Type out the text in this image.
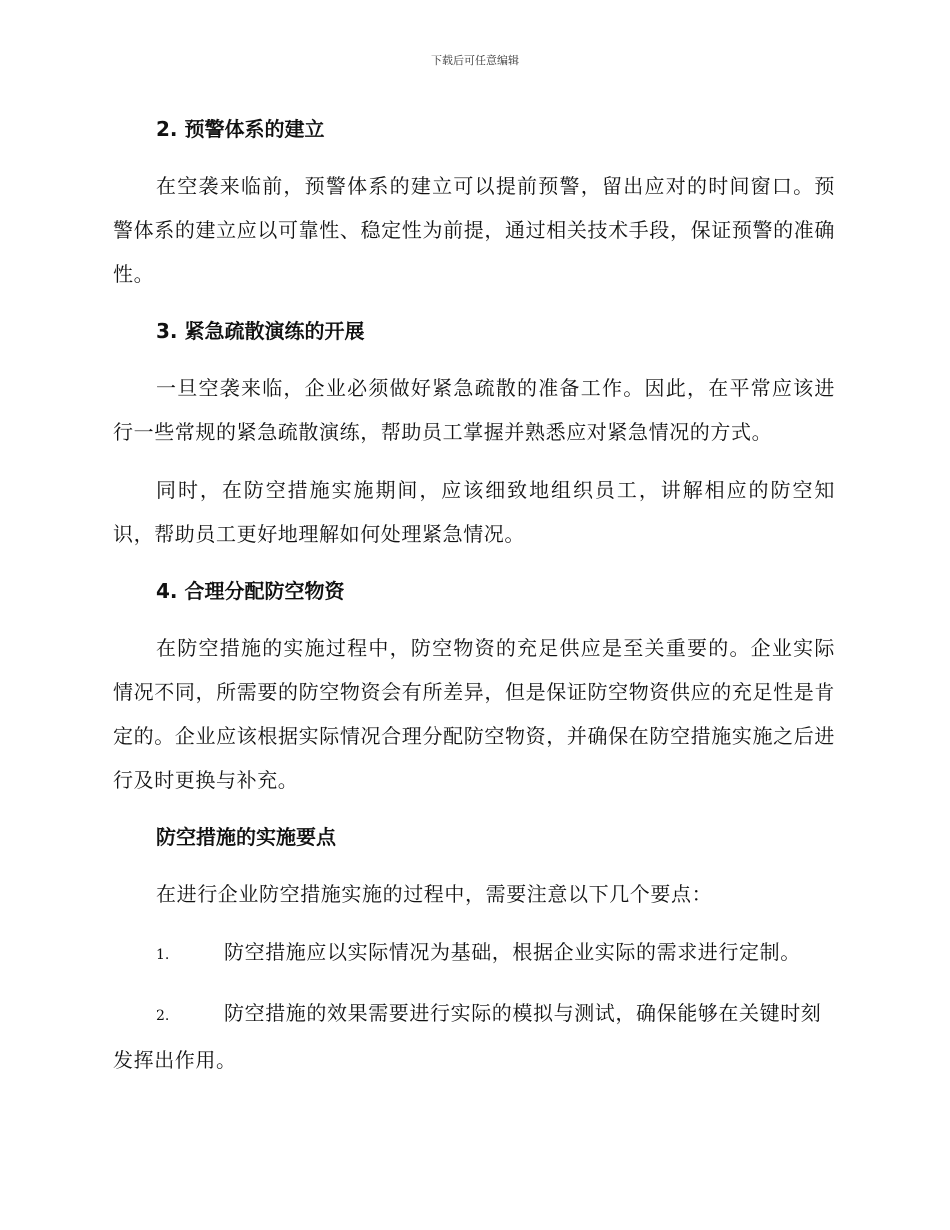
下载后可任意编辑
2. 预警体系的建立

在空袭来临前，预警体系的建立可以提前预警，留出应对的时间窗口。预警体系的建立应以可靠性、稳定性为前提，通过相关技术手段，保证预警的准确性。

3. 紧急疏散演练的开展

一旦空袭来临，企业必须做好紧急疏散的准备工作。因此，在平常应该进行一些常规的紧急疏散演练，帮助员工掌握并熟悉应对紧急情况的方式。

同时，在防空措施实施期间，应该细致地组织员工，讲解相应的防空知识，帮助员工更好地理解如何处理紧急情况。

4. 合理分配防空物资

在防空措施的实施过程中，防空物资的充足供应是至关重要的。企业实际情况不同，所需要的防空物资会有所差异，但是保证防空物资供应的充足性是肯定的。企业应该根据实际情况合理分配防空物资，并确保在防空措施实施之后进行及时更换与补充。

防空措施的实施要点

在进行企业防空措施实施的过程中，需要注意以下几个要点：

1.	防空措施应以实际情况为基础，根据企业实际的需求进行定制。

2.	防空措施的效果需要进行实际的模拟与测试，确保能够在关键时刻发挥出作用。
